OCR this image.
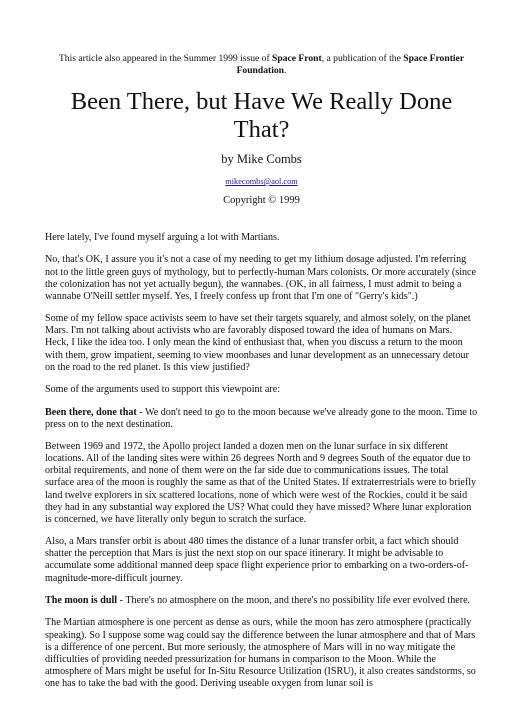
This article also appeared in the Summer 1999 issue of Space Front, a publication of the Space Frontier Foundation.

Been There, but Have We Really Done That?

by Mike Combs

mikecombs@aol.com

Copyright © 1999

Here lately, I've found myself arguing a lot with Martians.

No, that's OK, I assure you it's not a case of my needing to get my lithium dosage adjusted. I'm referring not to the little green guys of mythology, but to perfectly-human Mars colonists. Or more accurately (since the colonization has not yet actually begun), the wannabes. (OK, in all fairness, I must admit to being a wannabe O'Neill settler myself. Yes, I freely confess up front that I'm one of "Gerry's kids".)

Some of my fellow space activists seem to have set their targets squarely, and almost solely, on the planet Mars. I'm not talking about activists who are favorably disposed toward the idea of humans on Mars. Heck, I like the idea too. I only mean the kind of enthusiast that, when you discuss a return to the moon with them, grow impatient, seeming to view moonbases and lunar development as an unnecessary detour on the road to the red planet. Is this view justified?

Some of the arguments used to support this viewpoint are:

Been there, done that - We don't need to go to the moon because we've already gone to the moon. Time to press on to the next destination.

Between 1969 and 1972, the Apollo project landed a dozen men on the lunar surface in six different locations. All of the landing sites were within 26 degrees North and 9 degrees South of the equator due to orbital requirements, and none of them were on the far side due to communications issues. The total surface area of the moon is roughly the same as that of the United States. If extraterrestrials were to briefly land twelve explorers in six scattered locations, none of which were west of the Rockies, could it be said they had in any substantial way explored the US? What could they have missed? Where lunar exploration is concerned, we have literally only begun to scratch the surface.

Also, a Mars transfer orbit is about 480 times the distance of a lunar transfer orbit, a fact which should shatter the perception that Mars is just the next stop on our space itinerary. It might be advisable to accumulate some additional manned deep space flight experience prior to embarking on a two-orders-of-magnitude-more-difficult journey.

The moon is dull - There's no atmosphere on the moon, and there's no possibility life ever evolved there.

The Martian atmosphere is one percent as dense as ours, while the moon has zero atmosphere (practically speaking). So I suppose some wag could say the difference between the lunar atmosphere and that of Mars is a difference of one percent. But more seriously, the atmosphere of Mars will in no way mitigate the difficulties of providing needed pressurization for humans in comparison to the Moon. While the atmosphere of Mars might be useful for In-Situ Resource Utilization (ISRU), it also creates sandstorms, so one has to take the bad with the good. Deriving useable oxygen from lunar soil is
